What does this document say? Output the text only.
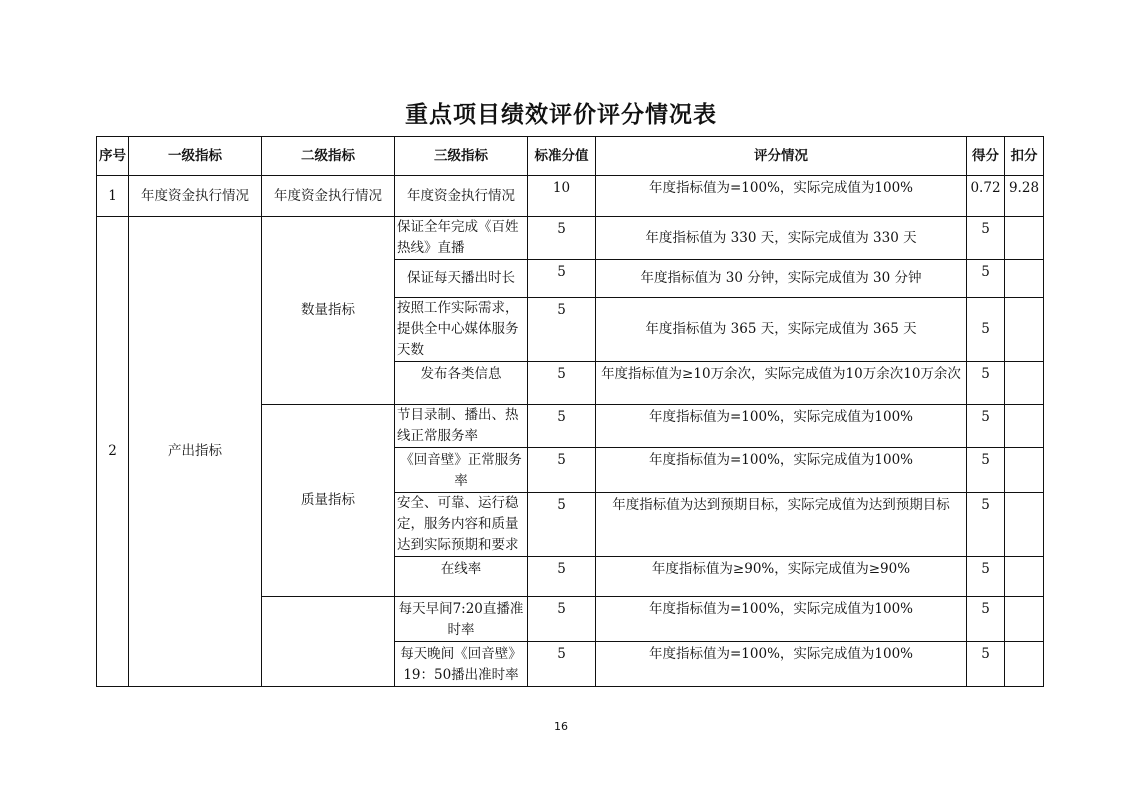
重点项目绩效评价评分情况表
序号	一级指标	二级指标	三级指标	标准分值	评分情况	得分	扣分
1	年度资金执行情况	年度资金执行情况	年度资金执行情况	10	年度指标值为=100%，实际完成值为100%	0.72	9.28
2	产出指标	数量指标	保证全年完成《百姓热线》直播	5	年度指标值为 330 天，实际完成值为 330 天	5	
			保证每天播出时长	5	年度指标值为 30 分钟，实际完成值为 30 分钟	5	
			按照工作实际需求，提供全中心媒体服务天数	5	年度指标值为 365 天，实际完成值为 365 天	5	
			发布各类信息	5	年度指标值为≥10万余次，实际完成值为10万余次10万余次	5	
		质量指标	节目录制、播出、热线正常服务率	5	年度指标值为=100%，实际完成值为100%	5	
			《回音壁》正常服务率	5	年度指标值为=100%，实际完成值为100%	5	
			安全、可靠、运行稳定，服务内容和质量达到实际预期和要求	5	年度指标值为达到预期目标，实际完成值为达到预期目标	5	
			在线率	5	年度指标值为≥90%，实际完成值为≥90%	5	
			每天早间7:20直播准时率	5	年度指标值为=100%，实际完成值为100%	5	
			每天晚间《回音壁》19：50播出准时率	5	年度指标值为=100%，实际完成值为100%	5	
16
